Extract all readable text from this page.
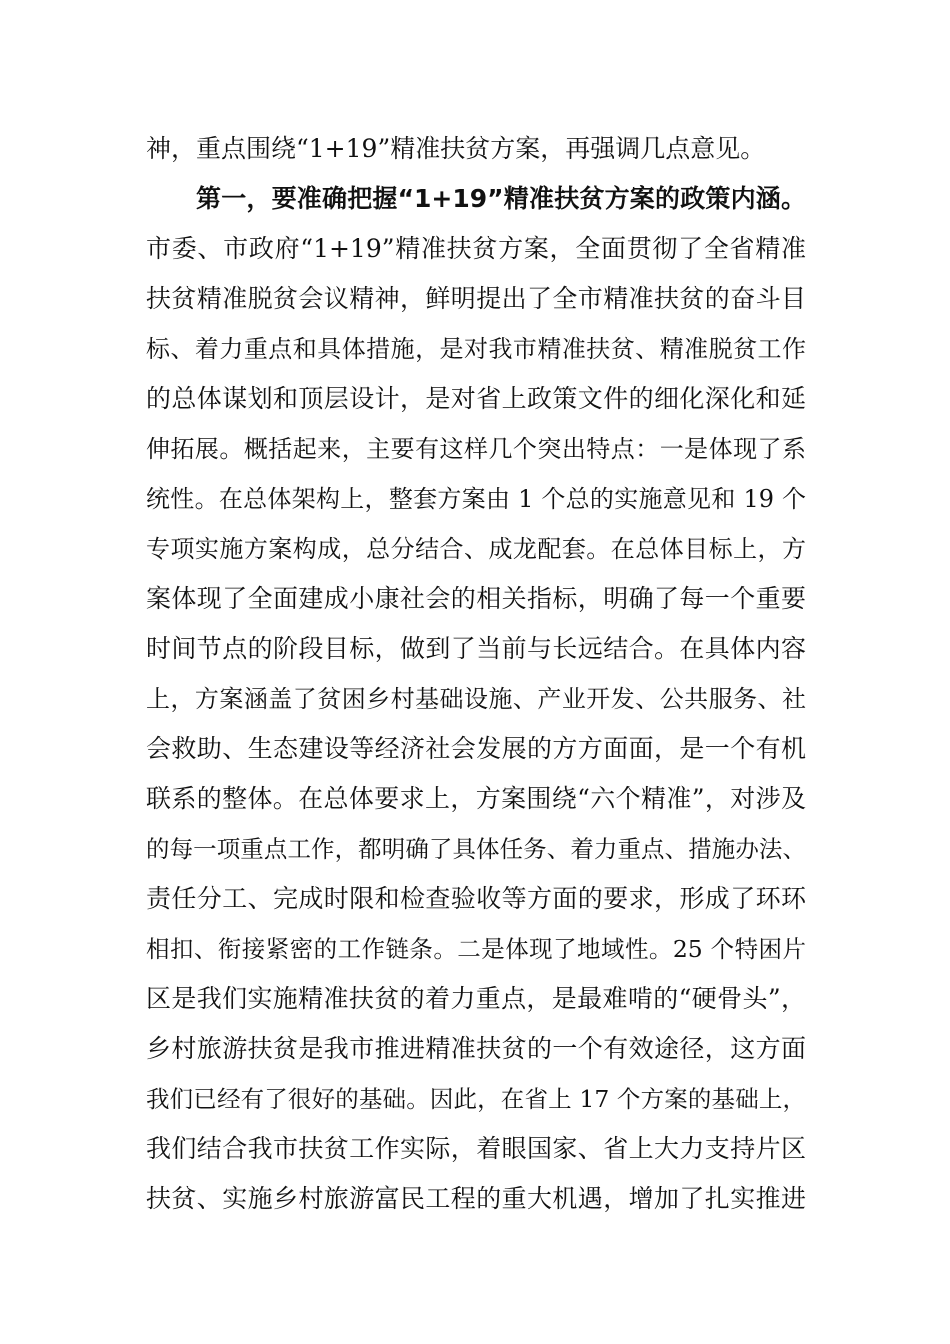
神，重点围绕“1+19”精准扶贫方案，再强调几点意见。
第一，要准确把握“1+19”精准扶贫方案的政策内涵。
市委、市政府“1+19”精准扶贫方案，全面贯彻了全省精准
扶贫精准脱贫会议精神，鲜明提出了全市精准扶贫的奋斗目
标、着力重点和具体措施，是对我市精准扶贫、精准脱贫工作
的总体谋划和顶层设计，是对省上政策文件的细化深化和延
伸拓展。概括起来，主要有这样几个突出特点：一是体现了系
统性。在总体架构上，整套方案由 1 个总的实施意见和 19 个
专项实施方案构成，总分结合、成龙配套。在总体目标上，方
案体现了全面建成小康社会的相关指标，明确了每一个重要
时间节点的阶段目标，做到了当前与长远结合。在具体内容
上，方案涵盖了贫困乡村基础设施、产业开发、公共服务、社
会救助、生态建设等经济社会发展的方方面面，是一个有机
联系的整体。在总体要求上，方案围绕“六个精准”，对涉及
的每一项重点工作，都明确了具体任务、着力重点、措施办法、
责任分工、完成时限和检查验收等方面的要求，形成了环环
相扣、衔接紧密的工作链条。二是体现了地域性。25 个特困片
区是我们实施精准扶贫的着力重点，是最难啃的“硬骨头”，
乡村旅游扶贫是我市推进精准扶贫的一个有效途径，这方面
我们已经有了很好的基础。因此，在省上 17 个方案的基础上，
我们结合我市扶贫工作实际，着眼国家、省上大力支持片区
扶贫、实施乡村旅游富民工程的重大机遇，增加了扎实推进
